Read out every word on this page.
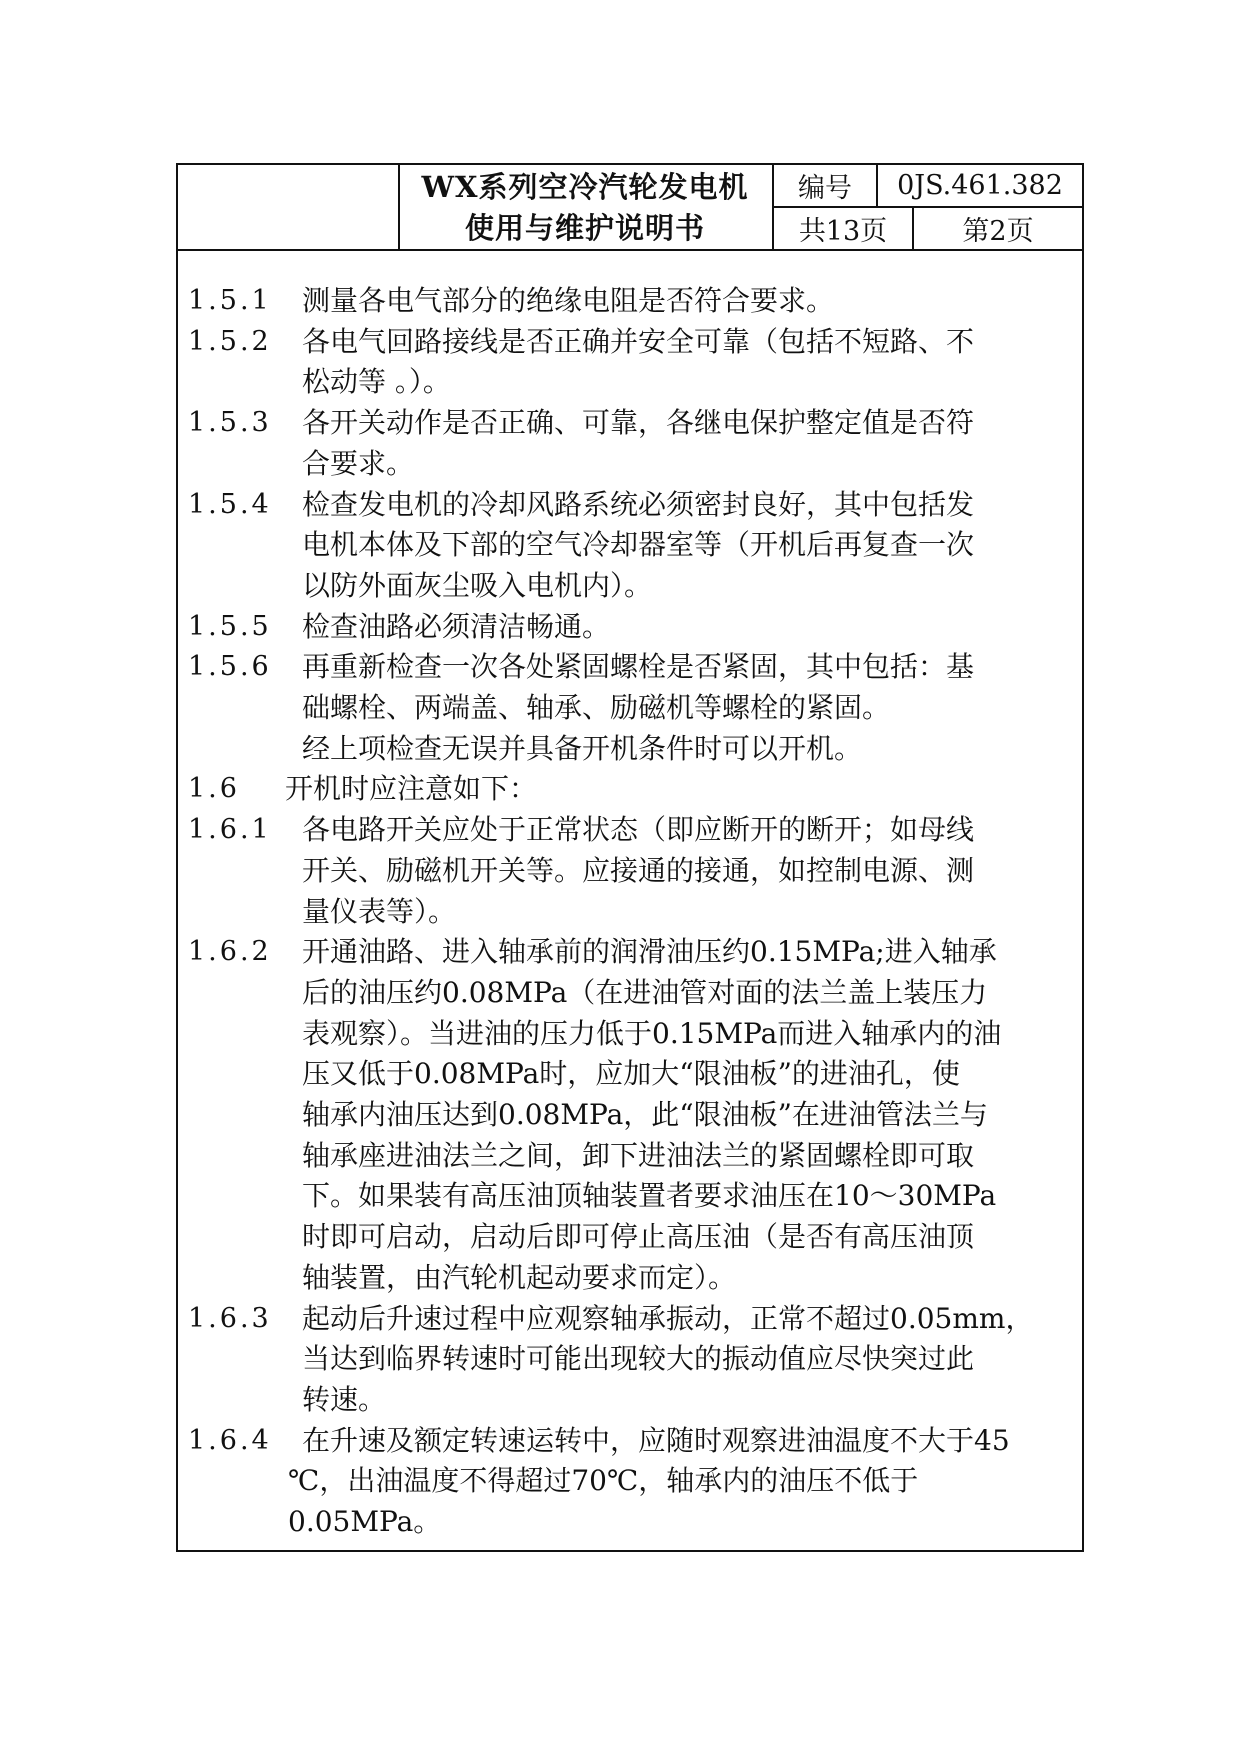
WX系列空冷汽轮发电机
使用与维护说明书
编号	0JS.461.382
共13页	第2页
1.5.1 测量各电气部分的绝缘电阻是否符合要求。
1.5.2 各电气回路接线是否正确并安全可靠（包括不短路、不
松动等 。）。
1.5.3 各开关动作是否正确、可靠，各继电保护整定值是否符
合要求。
1.5.4 检查发电机的冷却风路系统必须密封良好，其中包括发
电机本体及下部的空气冷却器室等（开机后再复查一次
以防外面灰尘吸入电机内）。
1.5.5 检查油路必须清洁畅通。
1.5.6 再重新检查一次各处紧固螺栓是否紧固，其中包括：基
础螺栓、两端盖、轴承、励磁机等螺栓的紧固。
经上项检查无误并具备开机条件时可以开机。
1.6 开机时应注意如下：
1.6.1 各电路开关应处于正常状态（即应断开的断开；如母线
开关、励磁机开关等。应接通的接通，如控制电源、测
量仪表等）。
1.6.2 开通油路、进入轴承前的润滑油压约0.15MPa;进入轴承
后的油压约0.08MPa（在进油管对面的法兰盖上装压力
表观察）。当进油的压力低于0.15MPa而进入轴承内的油
压又低于0.08MPa时，应加大“限油板”的进油孔，使
轴承内油压达到0.08MPa，此“限油板”在进油管法兰与
轴承座进油法兰之间，卸下进油法兰的紧固螺栓即可取
下。如果装有高压油顶轴装置者要求油压在10～30MPa
时即可启动，启动后即可停止高压油（是否有高压油顶
轴装置，由汽轮机起动要求而定）。
1.6.3 起动后升速过程中应观察轴承振动，正常不超过0.05mm，
当达到临界转速时可能出现较大的振动值应尽快突过此
转速。
1.6.4 在升速及额定转速运转中，应随时观察进油温度不大于45
℃，出油温度不得超过70℃，轴承内的油压不低于
0.05MPa。
